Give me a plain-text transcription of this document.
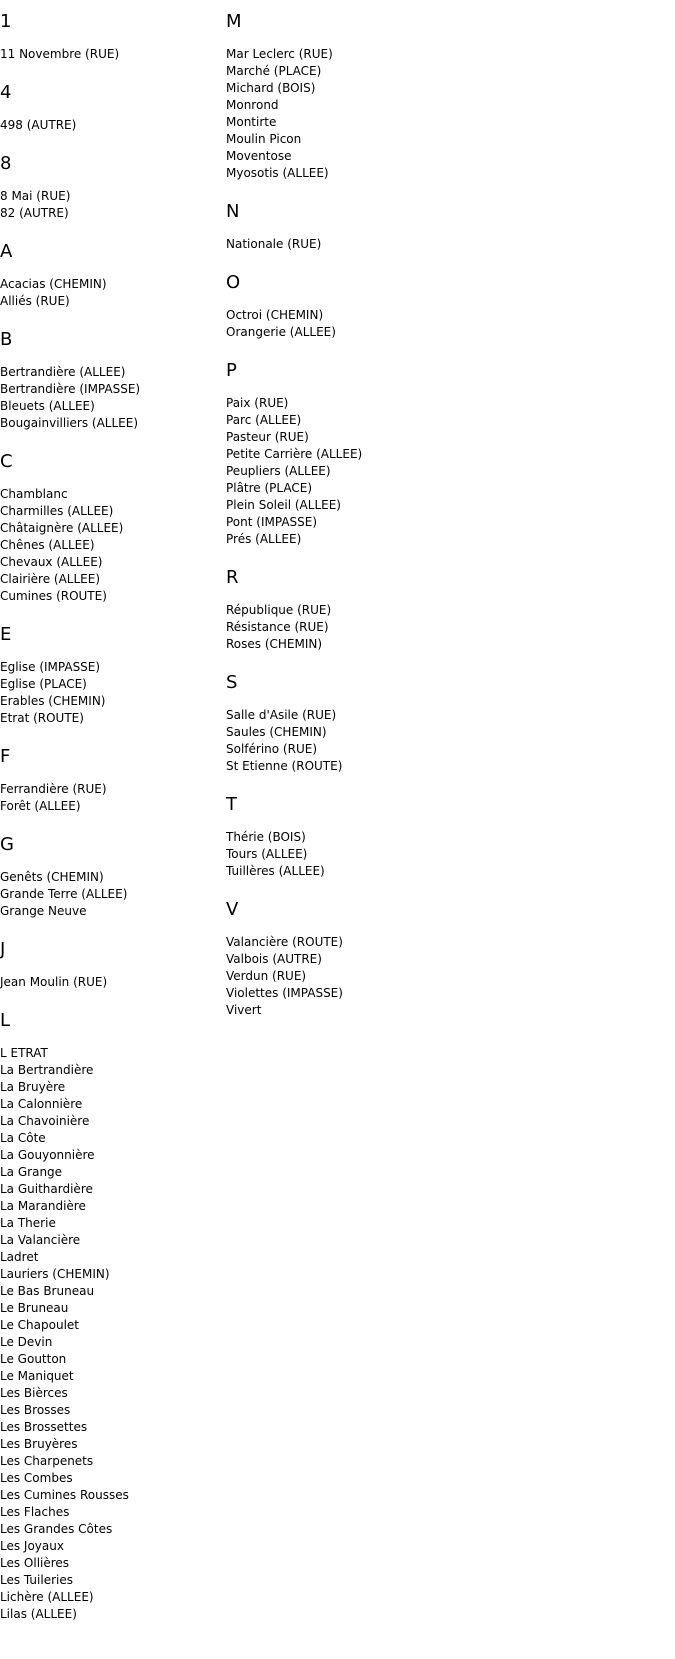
1
11 Novembre (RUE)
4
498 (AUTRE)
8
8 Mai (RUE)
82 (AUTRE)
A
Acacias (CHEMIN)
Alliés (RUE)
B
Bertrandière (ALLEE)
Bertrandière (IMPASSE)
Bleuets (ALLEE)
Bougainvilliers (ALLEE)
C
Chamblanc
Charmilles (ALLEE)
Châtaignère (ALLEE)
Chênes (ALLEE)
Chevaux (ALLEE)
Clairière (ALLEE)
Cumines (ROUTE)
E
Eglise (IMPASSE)
Eglise (PLACE)
Erables (CHEMIN)
Etrat (ROUTE)
F
Ferrandière (RUE)
Forêt (ALLEE)
G
Genêts (CHEMIN)
Grande Terre (ALLEE)
Grange Neuve
J
Jean Moulin (RUE)
L
L ETRAT
La Bertrandière
La Bruyère
La Calonnière
La Chavoinière
La Côte
La Gouyonnière
La Grange
La Guithardière
La Marandière
La Therie
La Valancière
Ladret
Lauriers (CHEMIN)
Le Bas Bruneau
Le Bruneau
Le Chapoulet
Le Devin
Le Goutton
Le Maniquet
Les Bièrces
Les Brosses
Les Brossettes
Les Bruyères
Les Charpenets
Les Combes
Les Cumines Rousses
Les Flaches
Les Grandes Côtes
Les Joyaux
Les Ollières
Les Tuileries
Lichère (ALLEE)
Lilas (ALLEE)
M
Mar Leclerc (RUE)
Marché (PLACE)
Michard (BOIS)
Monrond
Montirte
Moulin Picon
Moventose
Myosotis (ALLEE)
N
Nationale (RUE)
O
Octroi (CHEMIN)
Orangerie (ALLEE)
P
Paix (RUE)
Parc (ALLEE)
Pasteur (RUE)
Petite Carrière (ALLEE)
Peupliers (ALLEE)
Plâtre (PLACE)
Plein Soleil (ALLEE)
Pont (IMPASSE)
Prés (ALLEE)
R
République (RUE)
Résistance (RUE)
Roses (CHEMIN)
S
Salle d'Asile (RUE)
Saules (CHEMIN)
Solférino (RUE)
St Etienne (ROUTE)
T
Thérie (BOIS)
Tours (ALLEE)
Tuillères (ALLEE)
V
Valancière (ROUTE)
Valbois (AUTRE)
Verdun (RUE)
Violettes (IMPASSE)
Vivert
